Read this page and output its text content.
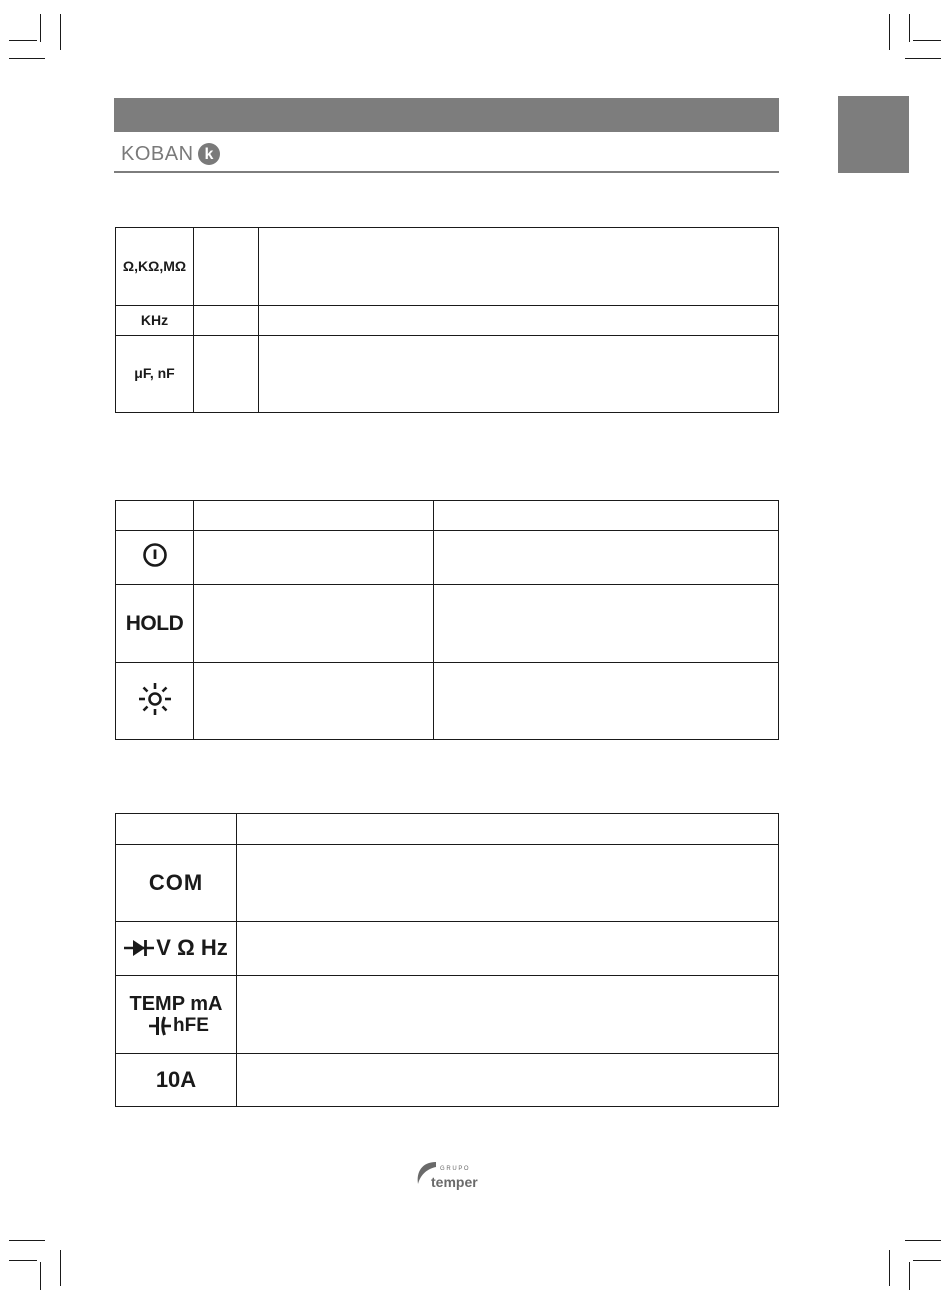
KOBAN k
Ω,KΩ,MΩ		
KHz		
μF, nF		

HOLD		

COM	

V Ω Hz	

TEMP mA
hFE	

10A	
G R U P O
temper
